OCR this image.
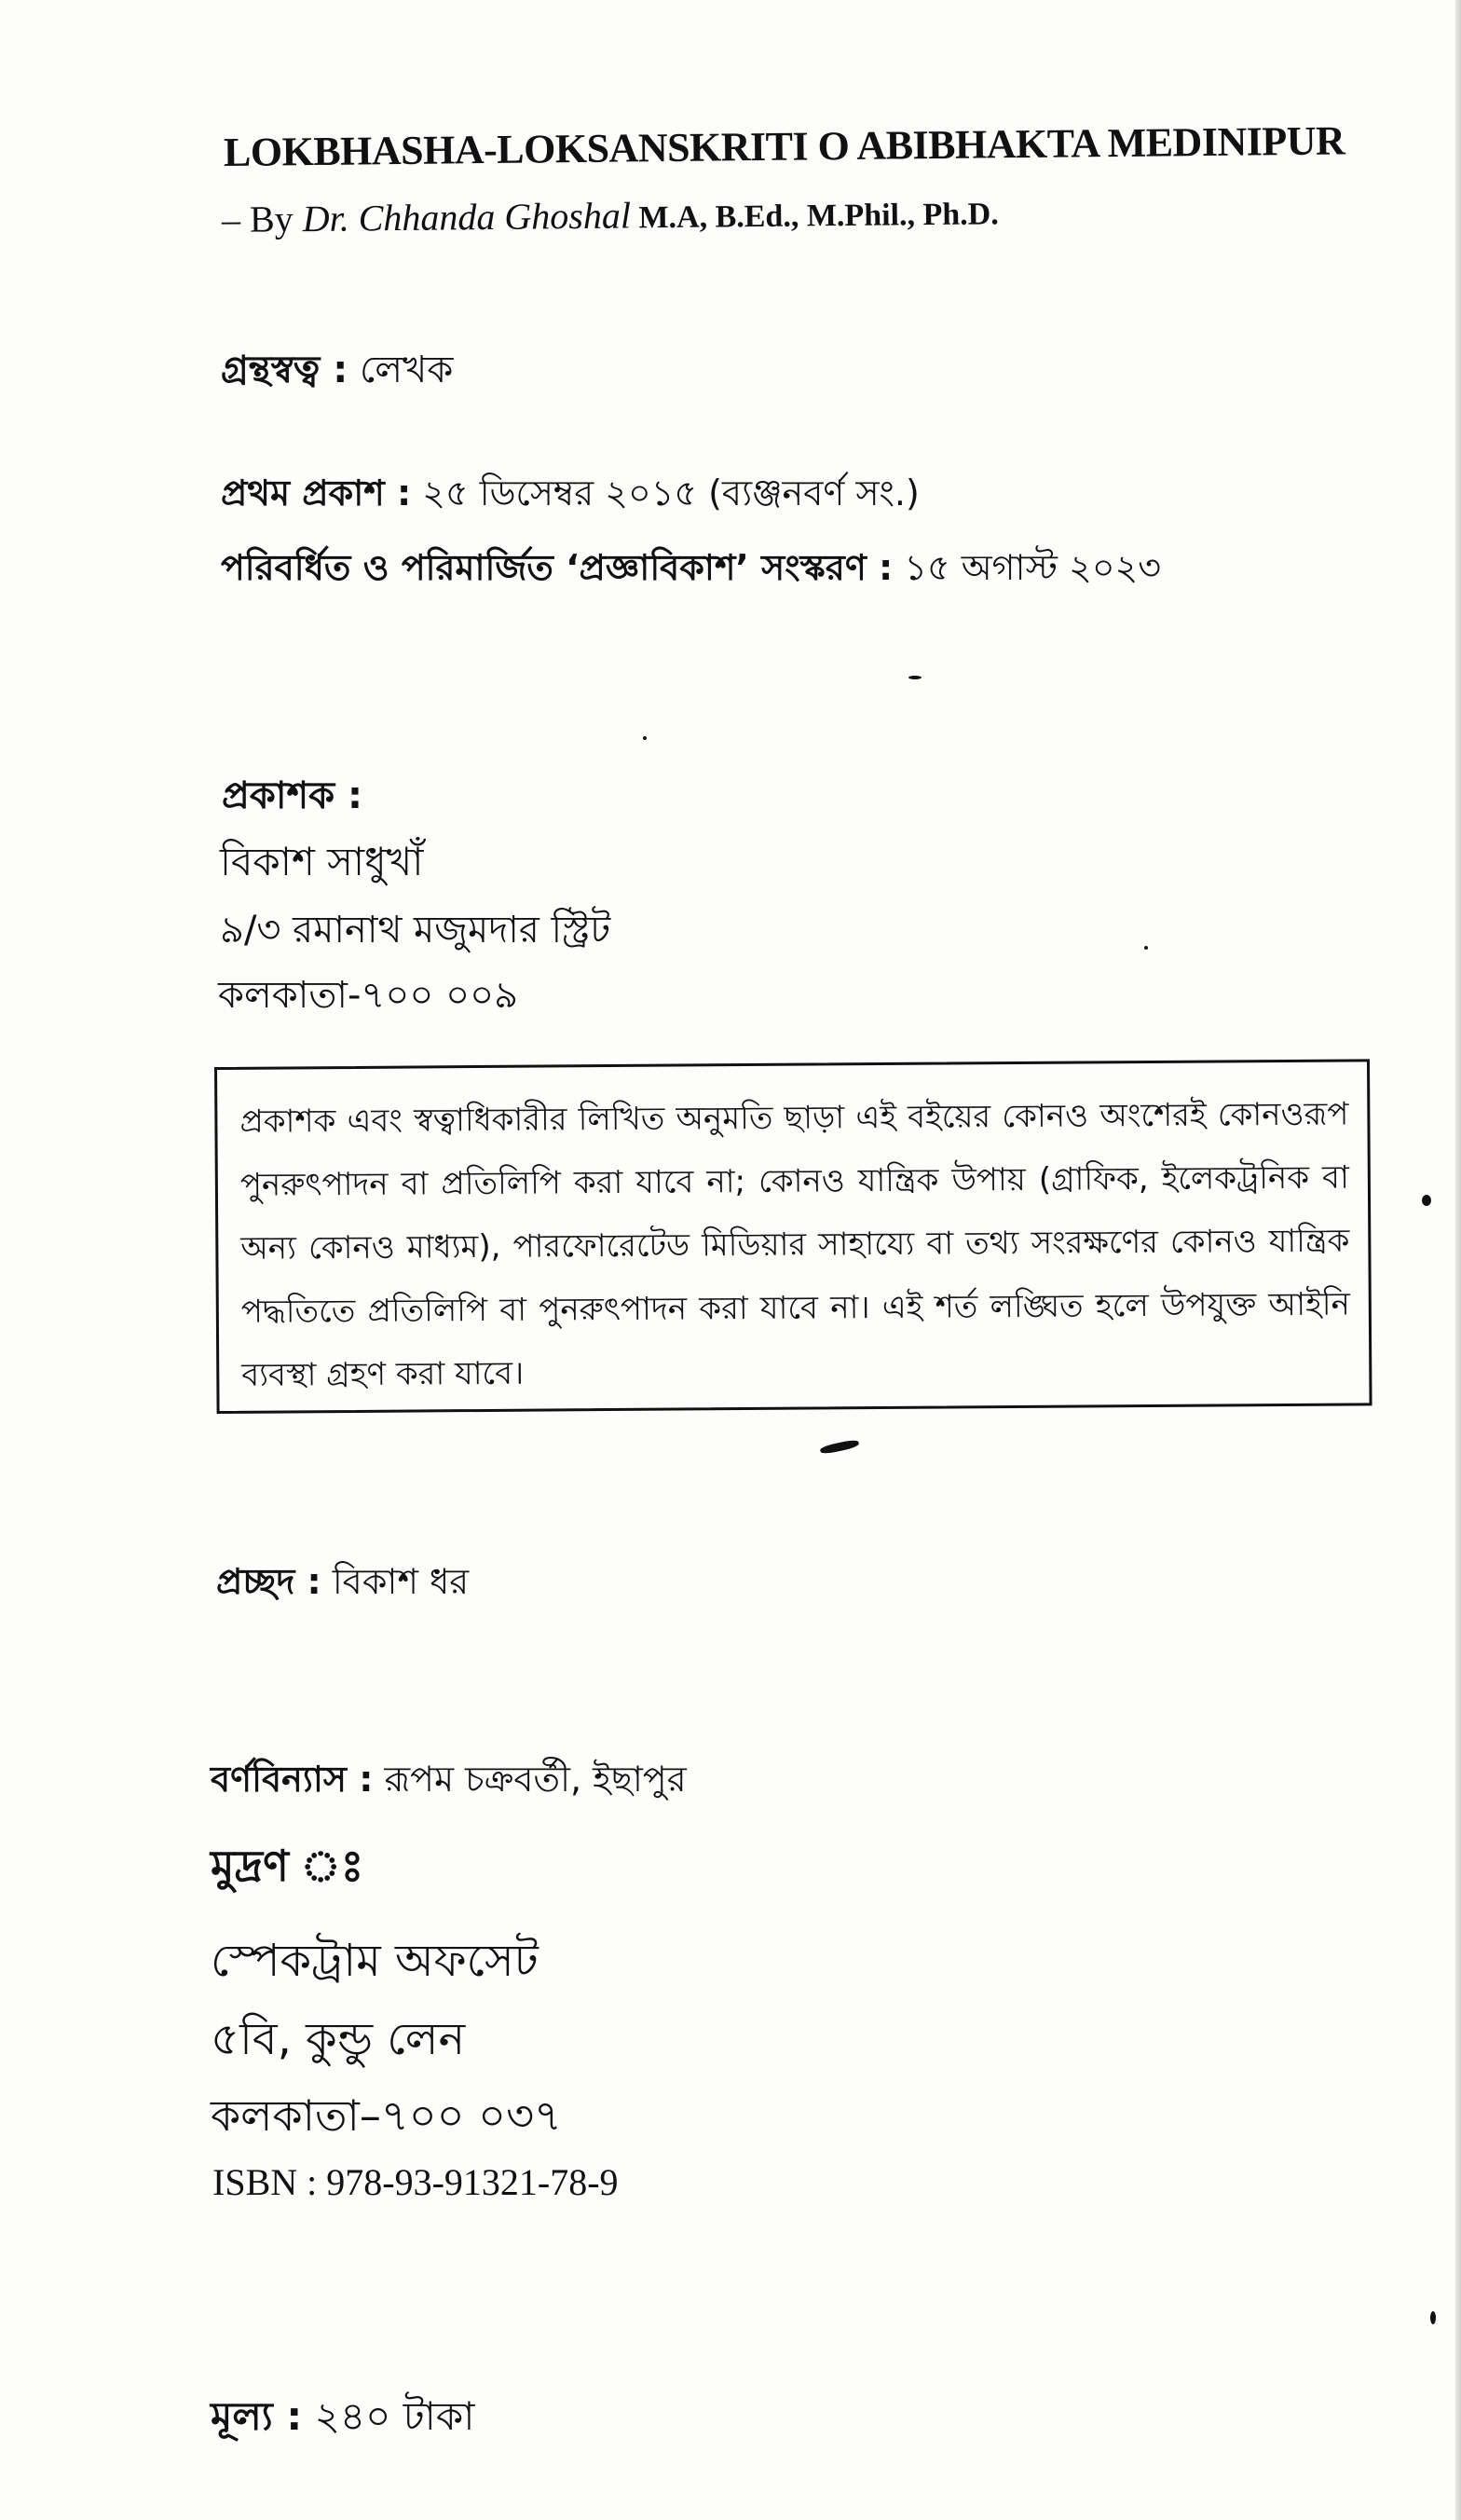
LOKBHASHA-LOKSANSKRITI O ABIBHAKTA MEDINIPUR
– By Dr. Chhanda Ghoshal M.A, B.Ed., M.Phil., Ph.D.
গ্রন্থস্বত্ব : লেখক
প্রথম প্রকাশ : ২৫ ডিসেম্বর ২০১৫ (ব্যঞ্জনবর্ণ সং.)
পরিবর্ধিত ও পরিমার্জিত ‘প্রজ্ঞাবিকাশ’ সংস্করণ : ১৫ অগাস্ট ২০২৩
প্রকাশক :
বিকাশ সাধুখাঁ
৯/৩ রমানাথ মজুমদার স্ট্রিট
কলকাতা-৭০০ ০০৯
প্রকাশক এবং স্বত্বাধিকারীর লিখিত অনুমতি ছাড়া এই বইয়ের কোনও অংশেরই কোনওরূপ পুনরুৎপাদন বা প্রতিলিপি করা যাবে না; কোনও যান্ত্রিক উপায় (গ্রাফিক, ইলেকট্রনিক বা অন্য কোনও মাধ্যম), পারফোরেটেড মিডিয়ার সাহায্যে বা তথ্য সংরক্ষণের কোনও যান্ত্রিক পদ্ধতিতে প্রতিলিপি বা পুনরুৎপাদন করা যাবে না। এই শর্ত লঙ্ঘিত হলে উপযুক্ত আইনি ব্যবস্থা গ্রহণ করা যাবে।
প্রচ্ছদ : বিকাশ ধর
বর্ণবিন্যাস : রূপম চক্রবর্তী, ইছাপুর
মুদ্রণ ঃ
স্পেকট্রাম অফসেট
৫বি, কুন্ডু লেন
কলকাতা–৭০০ ০৩৭
ISBN : 978-93-91321-78-9
মূল্য : ২৪০ টাকা
